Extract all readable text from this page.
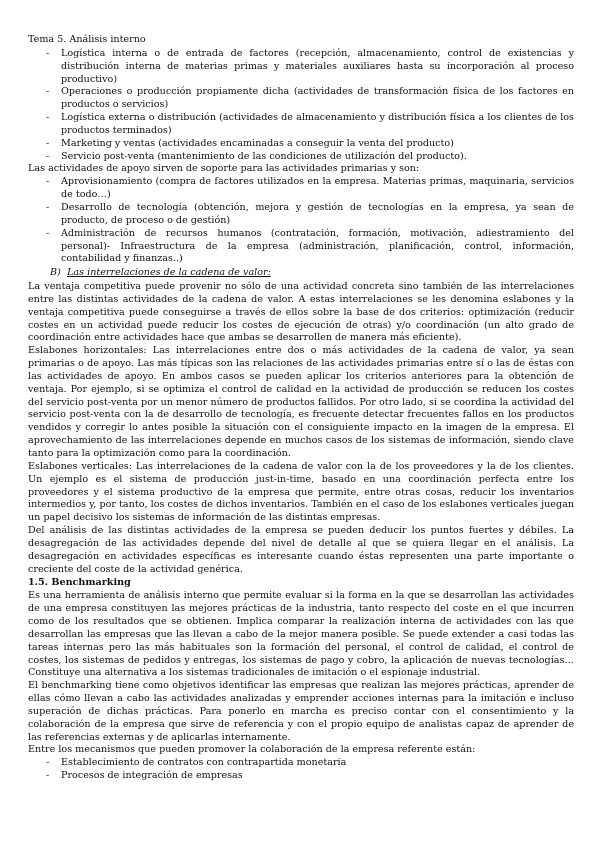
Tema 5. Análisis interno

- Logística interna o de entrada de factores (recepción, almacenamiento, control de existencias y distribución interna de materias primas y materiales auxiliares hasta su incorporación al proceso productivo)
- Operaciones o producción propiamente dicha (actividades de transformación física de los factores en productos o servicios)
- Logística externa o distribución (actividades de almacenamiento y distribución física a los clientes de los productos terminados)
- Marketing y ventas (actividades encaminadas a conseguir la venta del producto)
- Servicio post-venta (mantenimiento de las condiciones de utilización del producto).

Las actividades de apoyo sirven de soporte para las actividades primarias y son:

- Aprovisionamiento (compra de factores utilizados en la empresa. Materias primas, maquinaria, servicios de todo…)
- Desarrollo de tecnología (obtención, mejora y gestión de tecnologías en la empresa, ya sean de producto, de proceso o de gestión)
- Administración de recursos humanos (contratación, formación, motivación, adiestramiento del personal)- Infraestructura de la empresa (administración, planificación, control, información, contabilidad y finanzas..)
B) Las interrelaciones de la cadena de valor:

La ventaja competitiva puede provenir no sólo de una actividad concreta sino también de las interrelaciones entre las distintas actividades de la cadena de valor. A estas interrelaciones se les denomina eslabones y la ventaja competitiva puede conseguirse a través de ellos sobre la base de dos criterios: optimización (reducir costes en un actividad puede reducir los costes de ejecución de otras) y/o coordinación (un alto grado de coordinación entre actividades hace que ambas se desarrollen de manera más eficiente).

Eslabones horizontales: Las interrelaciones entre dos o más actividades de la cadena de valor, ya sean primarias o de apoyo. Las más típicas son las relaciones de las actividades primarias entre sí o las de éstas con las actividades de apoyo. En ambos casos se pueden aplicar los criterios anteriores para la obtención de ventaja. Por ejemplo, si se optimiza el control de calidad en la actividad de producción se reducen los costes del servicio post-venta por un menor número de productos fallidos. Por otro lado, si se coordina la actividad del servicio post-venta con la de desarrollo de tecnología, es frecuente detectar frecuentes fallos en los productos vendidos y corregir lo antes posible la situación con el consiguiente impacto en la imagen de la empresa. El aprovechamiento de las interrelaciones depende en muchos casos de los sistemas de información, siendo clave tanto para la optimización como para la coordinación.

Eslabones verticales: Las interrelaciones de la cadena de valor con la de los proveedores y la de los clientes. Un ejemplo es el sistema de producción just-in-time, basado en una coordinación perfecta entre los proveedores y el sistema productivo de la empresa que permite, entre otras cosas, reducir los inventarios intermedios y, por tanto, los costes de dichos inventarios. También en el caso de los eslabones verticales juegan un papel decisivo los sistemas de información de las distintas empresas.

Del análisis de las distintas actividades de la empresa se pueden deducir los puntos fuertes y débiles. La desagregación de las actividades depende del nivel de detalle al que se quiera llegar en el análisis. La desagregación en actividades específicas es interesante cuando éstas representen una parte importante o creciente del coste de la actividad genérica.

1.5. Benchmarking

Es una herramienta de análisis interno que permite evaluar si la forma en la que se desarrollan las actividades de una empresa constituyen las mejores prácticas de la industria, tanto respecto del coste en el que incurren como de los resultados que se obtienen. Implica comparar la realización interna de actividades con las que desarrollan las empresas que las llevan a cabo de la mejor manera posible. Se puede extender a casi todas las tareas internas pero las más habituales son la formación del personal, el control de calidad, el control de costes, los sistemas de pedidos y entregas, los sistemas de pago y cobro, la aplicación de nuevas tecnologías…Constituye una alternativa a los sistemas tradicionales de imitación o el espionaje industrial.

El benchmarking tiene como objetivos identificar las empresas que realizan las mejores prácticas, aprender de ellas cómo llevan a cabo las actividades analizadas y emprender acciones internas para la imitación e incluso superación de dichas prácticas. Para ponerlo en marcha es preciso contar con el consentimiento y la colaboración de la empresa que sirve de referencia y con el propio equipo de analistas capaz de aprender de las referencias externas y de aplicarlas internamente.

Entre los mecanismos que pueden promover la colaboración de la empresa referente están:

- Establecimiento de contratos con contrapartida monetaria
- Procesos de integración de empresas
